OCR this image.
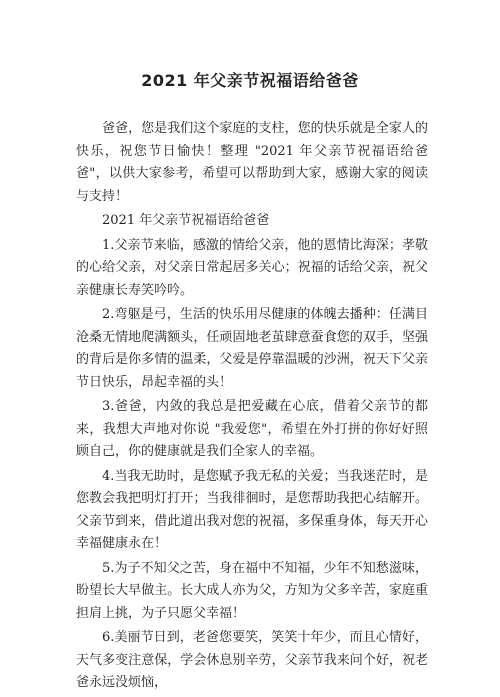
2021 年父亲节祝福语给爸爸

爸爸，您是我们这个家庭的支柱，您的快乐就是全家人的快乐，祝您节日愉快！整理 "2021 年父亲节祝福语给爸爸"，以供大家参考，希望可以帮助到大家，感谢大家的阅读与支持！

2021 年父亲节祝福语给爸爸

1.父亲节来临，感激的情给父亲，他的恩情比海深；孝敬的心给父亲，对父亲日常起居多关心；祝福的话给父亲，祝父亲健康长寿笑吟吟。

2.弯躯是弓，生活的快乐用尽健康的体魄去播种：任满目沧桑无情地爬满额头，任顽固地老茧肆意蚕食您的双手，坚强的背后是你多情的温柔，父爱是停靠温暖的沙洲，祝天下父亲节日快乐，昂起幸福的头！

3.爸爸，内敛的我总是把爱藏在心底，借着父亲节的都来，我想大声地对你说 "我爱您"，希望在外打拼的你好好照顾自己，你的健康就是我们全家人的幸福。

4.当我无助时，是您赋予我无私的关爱；当我迷茫时，是您教会我把明灯打开；当我徘徊时，是您帮助我把心结解开。父亲节到来，借此道出我对您的祝福，多保重身体，每天开心幸福健康永在！

5.为子不知父之苦，身在福中不知福，少年不知愁滋味，盼望长大早做主。长大成人亦为父，方知为父多辛苦，家庭重担肩上挑，为子只愿父幸福！

6.美丽节日到，老爸您要笑，笑笑十年少，而且心情好，天气多变注意保，学会休息别辛劳，父亲节我来问个好，祝老爸永远没烦恼，
